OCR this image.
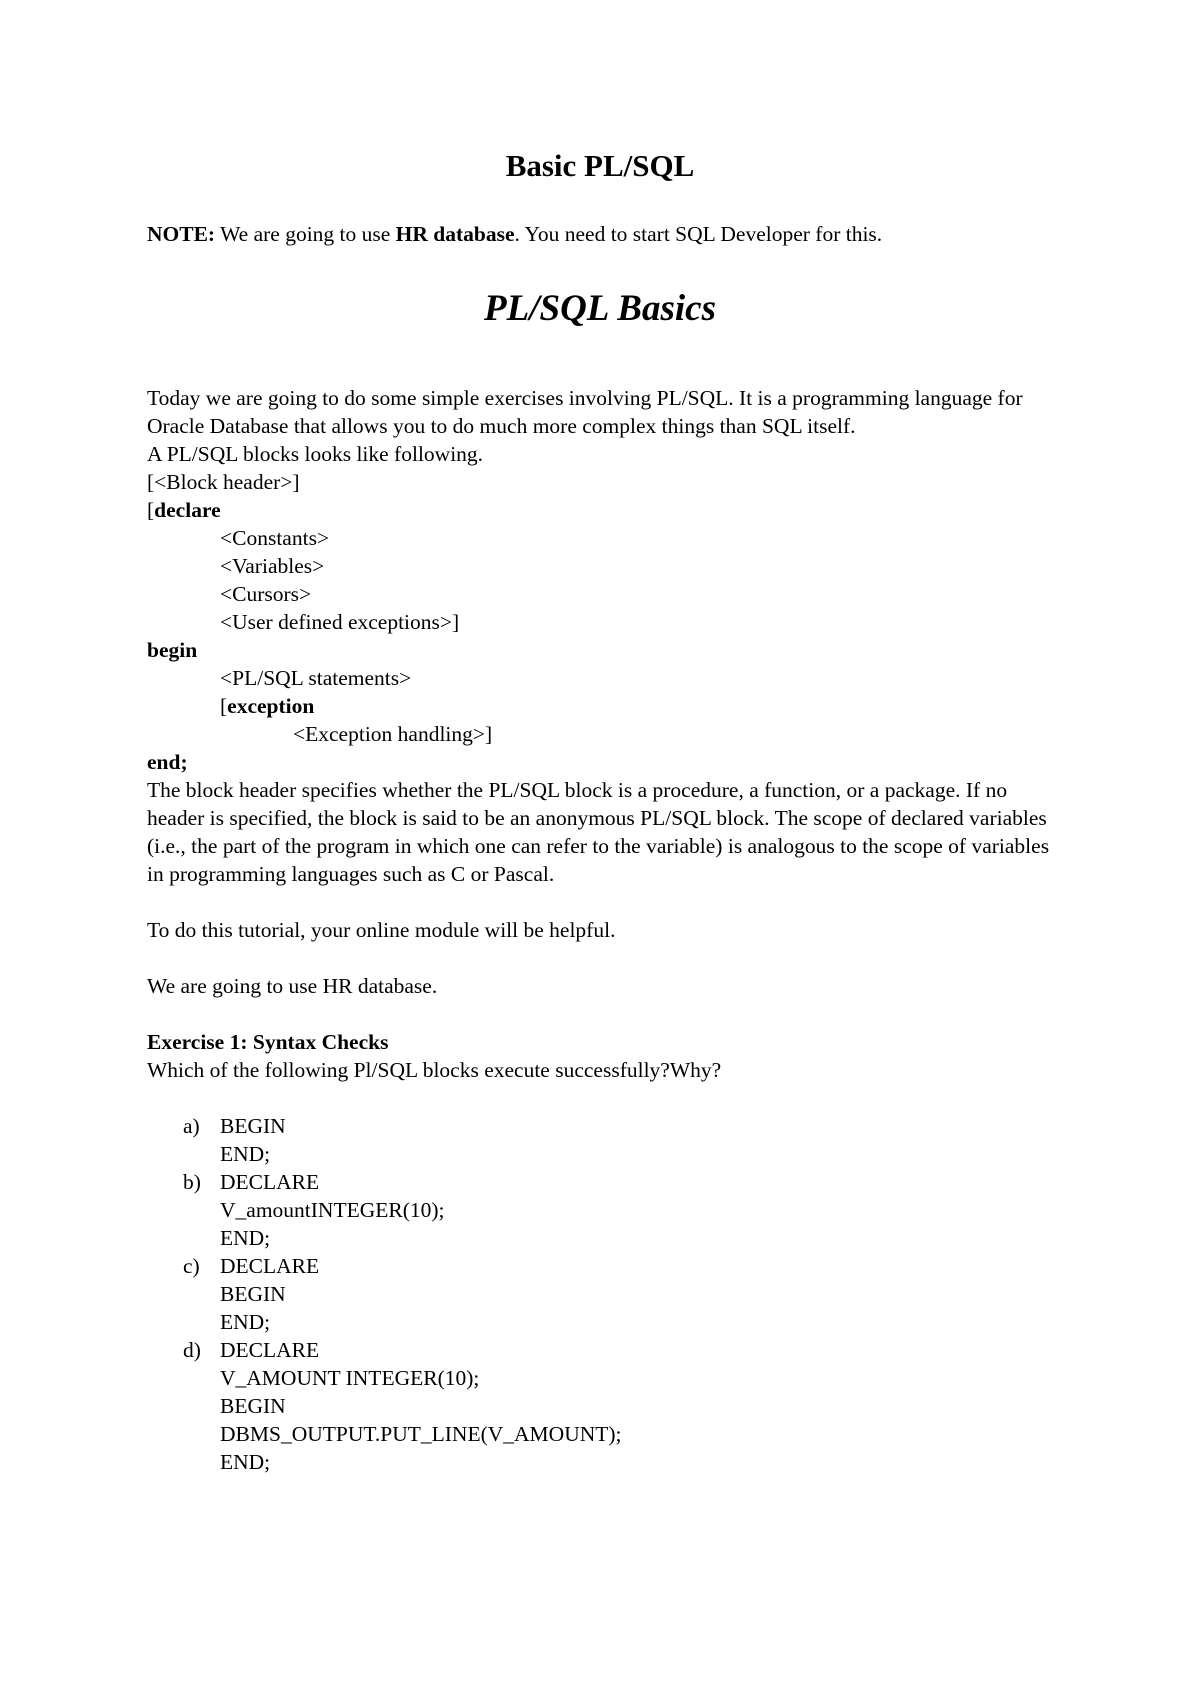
Basic PL/SQL
NOTE: We are going to use HR database. You need to start SQL Developer for this.
PL/SQL Basics
Today we are going to do some simple exercises involving PL/SQL. It is a programming language for Oracle Database that allows you to do much more complex things than SQL itself.
A PL/SQL blocks looks like following.
[<Block header>]
[declare
<Constants>
<Variables>
<Cursors>
<User defined exceptions>]
begin
<PL/SQL statements>
[exception
<Exception handling>]
end;
The block header specifies whether the PL/SQL block is a procedure, a function, or a package. If no header is specified, the block is said to be an anonymous PL/SQL block. The scope of declared variables (i.e., the part of the program in which one can refer to the variable) is analogous to the scope of variables in programming languages such as C or Pascal.
To do this tutorial, your online module will be helpful.
We are going to use HR database.
Exercise 1: Syntax Checks
Which of the following Pl/SQL blocks execute successfully?Why?
a) BEGIN
END;
b) DECLARE
V_amountINTEGER(10);
END;
c) DECLARE
BEGIN
END;
d) DECLARE
V_AMOUNT INTEGER(10);
BEGIN
DBMS_OUTPUT.PUT_LINE(V_AMOUNT);
END;
